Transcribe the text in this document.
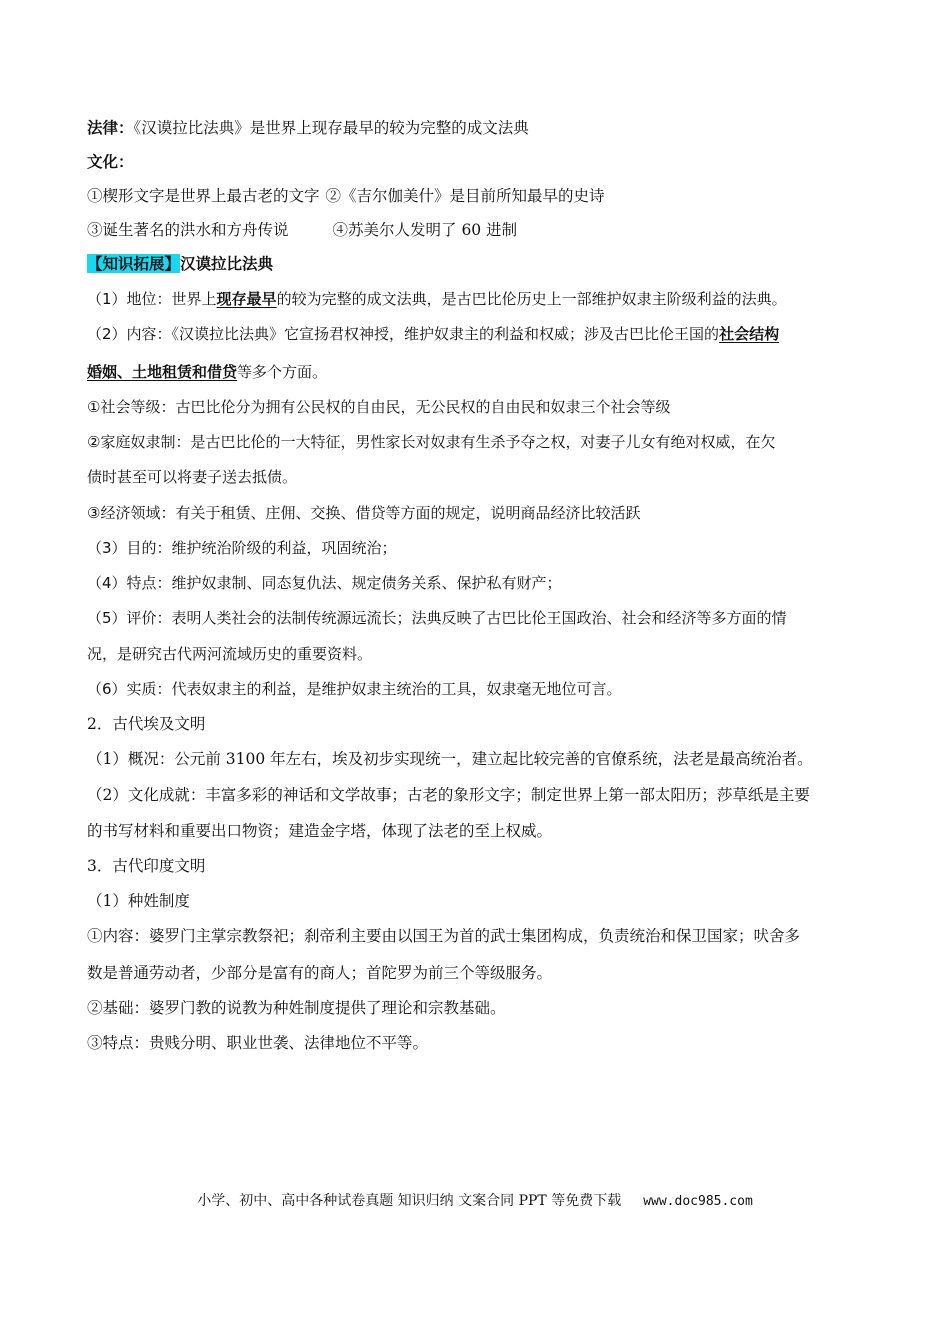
法律：《汉谟拉比法典》是世界上现存最早的较为完整的成文法典
文化：
①楔形文字是世界上最古老的文字 ②《吉尔伽美什》是目前所知最早的史诗
③诞生著名的洪水和方舟传说	④苏美尔人发明了 60 进制
【知识拓展】汉谟拉比法典
（1）地位：世界上现存最早的较为完整的成文法典，是古巴比伦历史上一部维护奴隶主阶级利益的法典。
（2）内容：《汉谟拉比法典》它宣扬君权神授，维护奴隶主的利益和权威；涉及古巴比伦王国的社会结构
婚姻、土地租赁和借贷等多个方面。
①社会等级：古巴比伦分为拥有公民权的自由民，无公民权的自由民和奴隶三个社会等级
②家庭奴隶制：是古巴比伦的一大特征，男性家长对奴隶有生杀予夺之权，对妻子儿女有绝对权威，在欠
债时甚至可以将妻子送去抵债。
③经济领域：有关于租赁、庄佣、交换、借贷等方面的规定，说明商品经济比较活跃
（3）目的：维护统治阶级的利益，巩固统治；
（4）特点：维护奴隶制、同态复仇法、规定债务关系、保护私有财产；
（5）评价：表明人类社会的法制传统源远流长；法典反映了古巴比伦王国政治、社会和经济等多方面的情
况，是研究古代两河流域历史的重要资料。
（6）实质：代表奴隶主的利益，是维护奴隶主统治的工具，奴隶毫无地位可言。
2．古代埃及文明
（1）概况：公元前 3100 年左右，埃及初步实现统一，建立起比较完善的官僚系统，法老是最高统治者。
（2）文化成就：丰富多彩的神话和文学故事；古老的象形文字；制定世界上第一部太阳历；莎草纸是主要
的书写材料和重要出口物资；建造金字塔，体现了法老的至上权威。
3．古代印度文明
（1）种姓制度
①内容：婆罗门主掌宗教祭祀；刹帝利主要由以国王为首的武士集团构成，负责统治和保卫国家；吠舍多
数是普通劳动者，少部分是富有的商人；首陀罗为前三个等级服务。
②基础：婆罗门教的说教为种姓制度提供了理论和宗教基础。
③特点：贵贱分明、职业世袭、法律地位不平等。
小学、初中、高中各种试卷真题 知识归纳 文案合同 PPT 等免费下载 www.doc985.com
